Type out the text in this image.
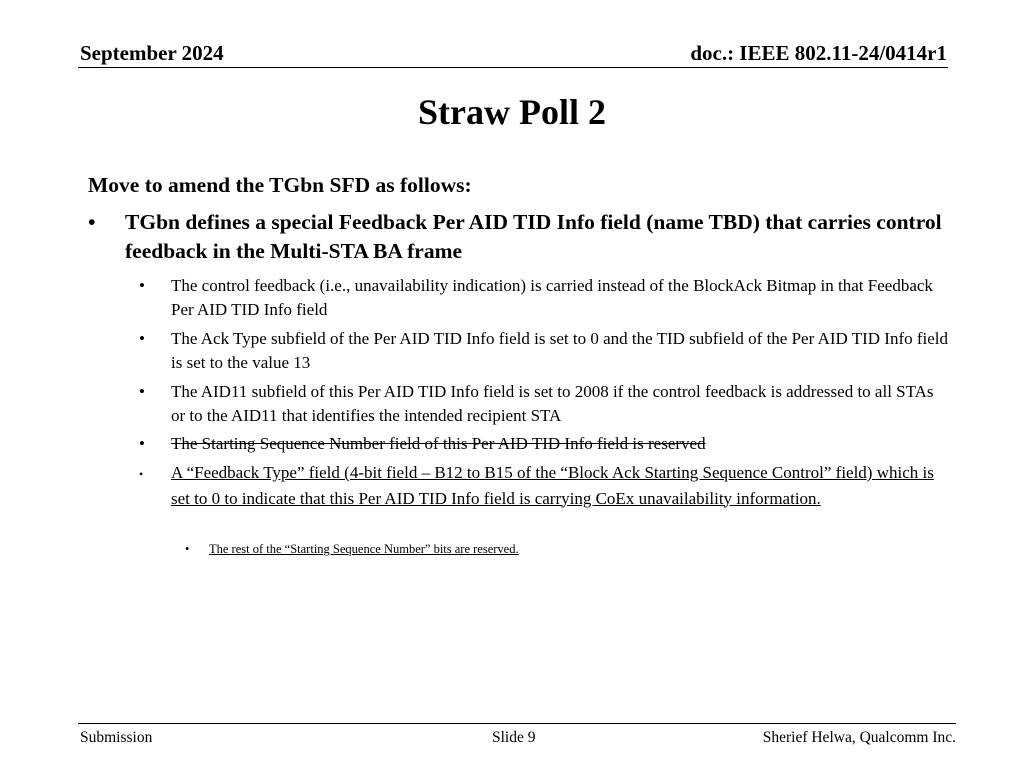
September 2024	doc.: IEEE 802.11-24/0414r1
Straw Poll 2
Move to amend the TGbn SFD as follows:
• TGbn defines a special Feedback Per AID TID Info field (name TBD) that carries control feedback in the Multi-STA BA frame
• The control feedback (i.e., unavailability indication) is carried instead of the BlockAck Bitmap in that Feedback Per AID TID Info field
• The Ack Type subfield of the Per AID TID Info field is set to 0 and the TID subfield of the Per AID TID Info field is set to the value 13
• The AID11 subfield of this Per AID TID Info field is set to 2008 if the control feedback is addressed to all STAs or to the AID11 that identifies the intended recipient STA
• The Starting Sequence Number field of this Per AID TID Info field is reserved
• A “Feedback Type” field (4-bit field – B12 to B15 of the “Block Ack Starting Sequence Control” field) which is set to 0 to indicate that this Per AID TID Info field is carrying CoEx unavailability information.
• The rest of the “Starting Sequence Number” bits are reserved.
Submission	Slide 9	Sherief Helwa, Qualcomm Inc.
